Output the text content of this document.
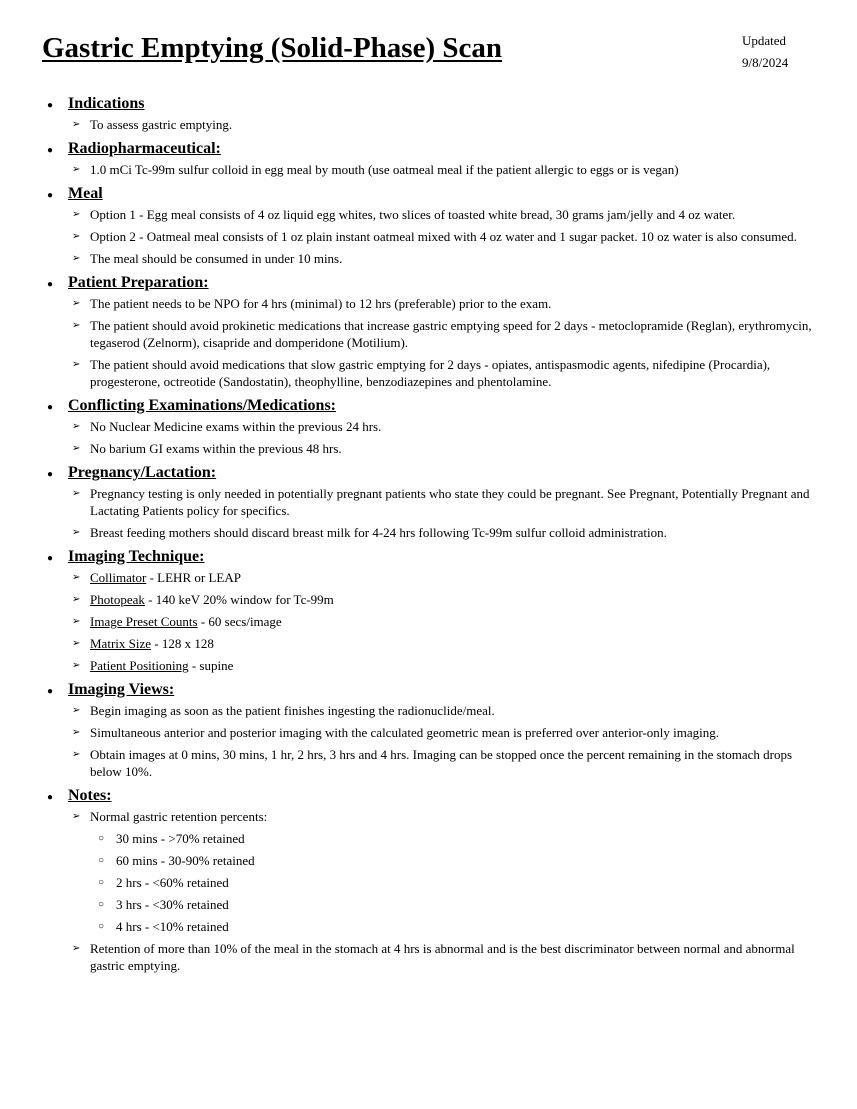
Gastric Emptying (Solid-Phase) Scan	Updated
9/8/2024
●
Indications
➢ To assess gastric emptying.
●
Radiopharmaceutical:
➢ 1.0 mCi Tc-99m sulfur colloid in egg meal by mouth (use oatmeal meal if the patient allergic to eggs or is vegan)
●
Meal
➢ Option 1 - Egg meal consists of 4 oz liquid egg whites, two slices of toasted white bread, 30 grams jam/jelly and 4 oz water.
➢ Option 2 - Oatmeal meal consists of 1 oz plain instant oatmeal mixed with 4 oz water and 1 sugar packet. 10 oz water is also consumed.
➢ The meal should be consumed in under 10 mins.
●
Patient Preparation:
➢ The patient needs to be NPO for 4 hrs (minimal) to 12 hrs (preferable) prior to the exam.
➢ The patient should avoid prokinetic medications that increase gastric emptying speed for 2 days - metoclopramide (Reglan), erythromycin, tegaserod (Zelnorm), cisapride and domperidone (Motilium).
➢ The patient should avoid medications that slow gastric emptying for 2 days - opiates, antispasmodic agents, nifedipine (Procardia), progesterone, octreotide (Sandostatin), theophylline, benzodiazepines and phentolamine.
●
Conflicting Examinations/Medications:
➢ No Nuclear Medicine exams within the previous 24 hrs.
➢ No barium GI exams within the previous 48 hrs.
●
Pregnancy/Lactation:
➢ Pregnancy testing is only needed in potentially pregnant patients who state they could be pregnant. See Pregnant, Potentially Pregnant and Lactating Patients policy for specifics.
➢ Breast feeding mothers should discard breast milk for 4-24 hrs following Tc-99m sulfur colloid administration.
●
Imaging Technique:
➢ Collimator - LEHR or LEAP
➢ Photopeak - 140 keV 20% window for Tc-99m
➢ Image Preset Counts - 60 secs/image
➢ Matrix Size - 128 x 128
➢ Patient Positioning - supine
●
Imaging Views:
➢ Begin imaging as soon as the patient finishes ingesting the radionuclide/meal.
➢ Simultaneous anterior and posterior imaging with the calculated geometric mean is preferred over anterior-only imaging.
➢ Obtain images at 0 mins, 30 mins, 1 hr, 2 hrs, 3 hrs and 4 hrs. Imaging can be stopped once the percent remaining in the stomach drops below 10%.
●
Notes:
➢ Normal gastric retention percents:
○ 30 mins - >70% retained
○ 60 mins - 30-90% retained
○ 2 hrs - <60% retained
○ 3 hrs - <30% retained
○ 4 hrs - <10% retained
➢ Retention of more than 10% of the meal in the stomach at 4 hrs is abnormal and is the best discriminator between normal and abnormal gastric emptying.
